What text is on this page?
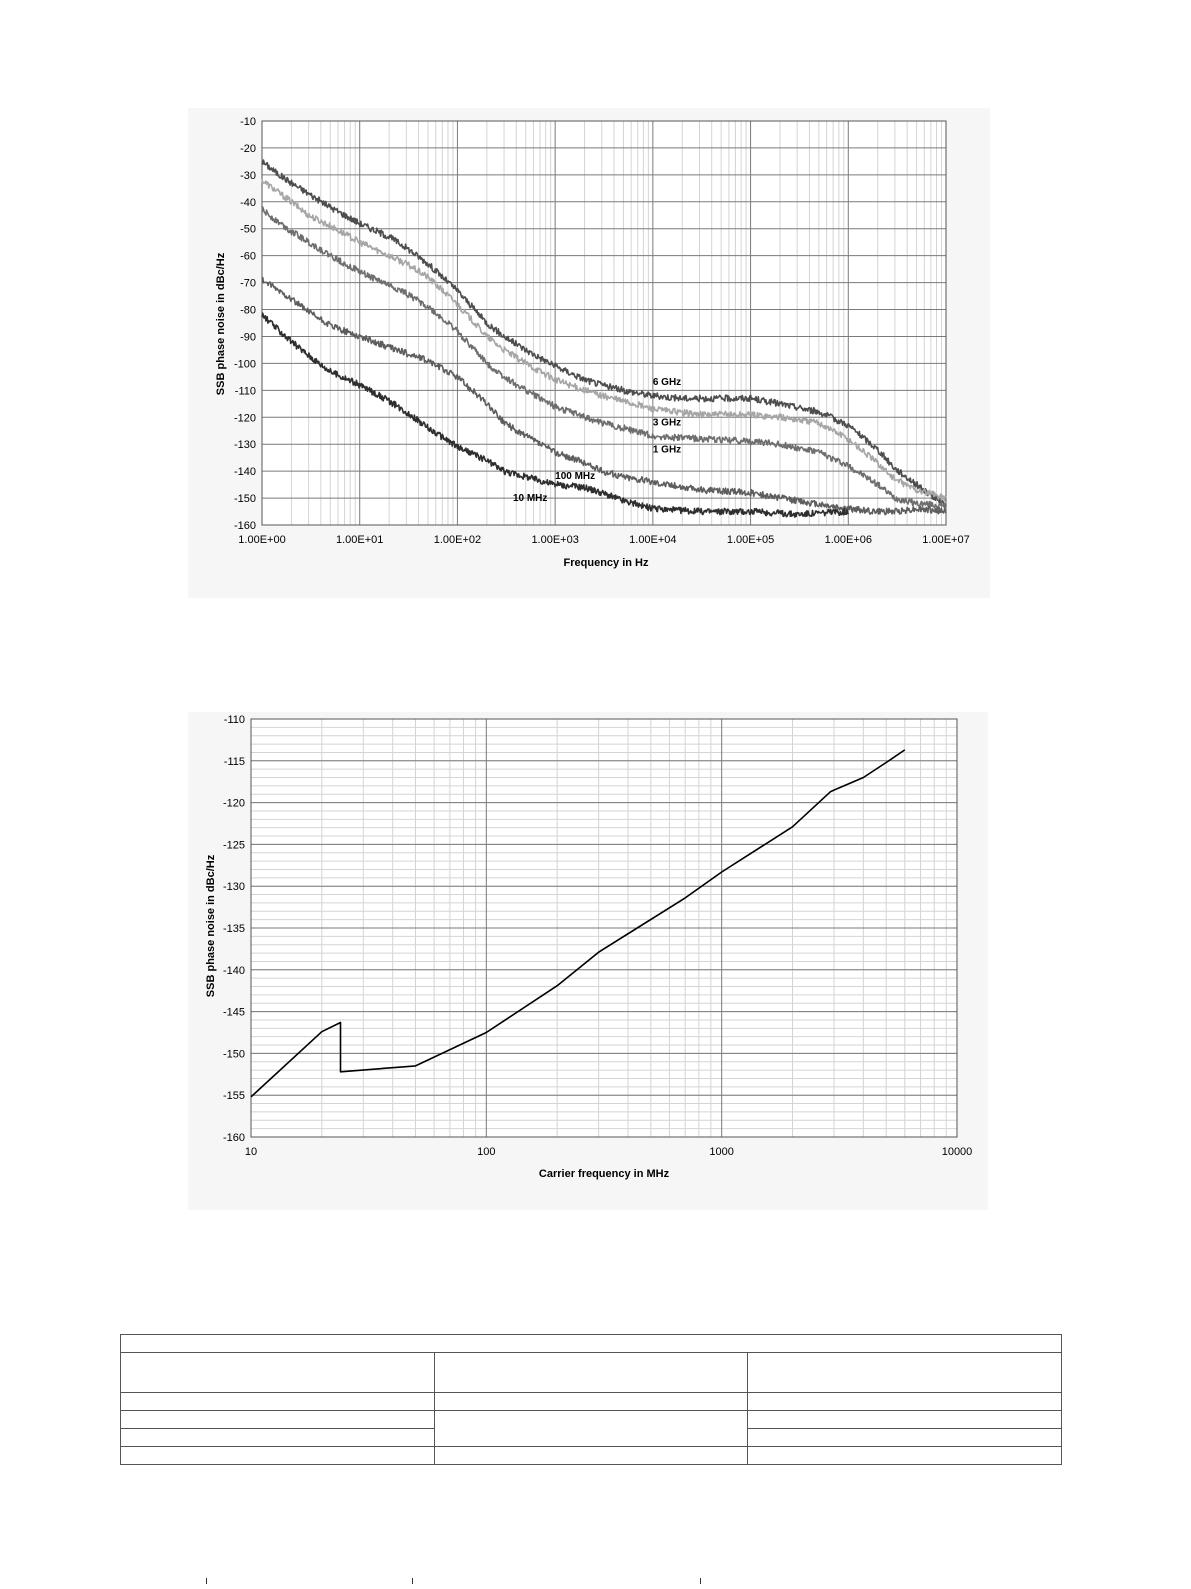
Frequency in Hz
SSB phase noise in dBc/Hz
-10
-20
-30
-40
-50
-60
-70
-80
-90
-100
-110
-120
-130
-140
-150
-160
1.00E+00	1.00E+01	1.00E+02	1.00E+03	1.00E+04	1.00E+05	1.00E+06	1.00E+07
6 GHz
3 GHz
1 GHz
100 MHz
10 MHz
Carrier frequency in MHz
SSB phase noise in dBc/Hz
-110
-115
-120
-125
-130
-135
-140
-145
-150
-155
-160
10	100	1000	10000
